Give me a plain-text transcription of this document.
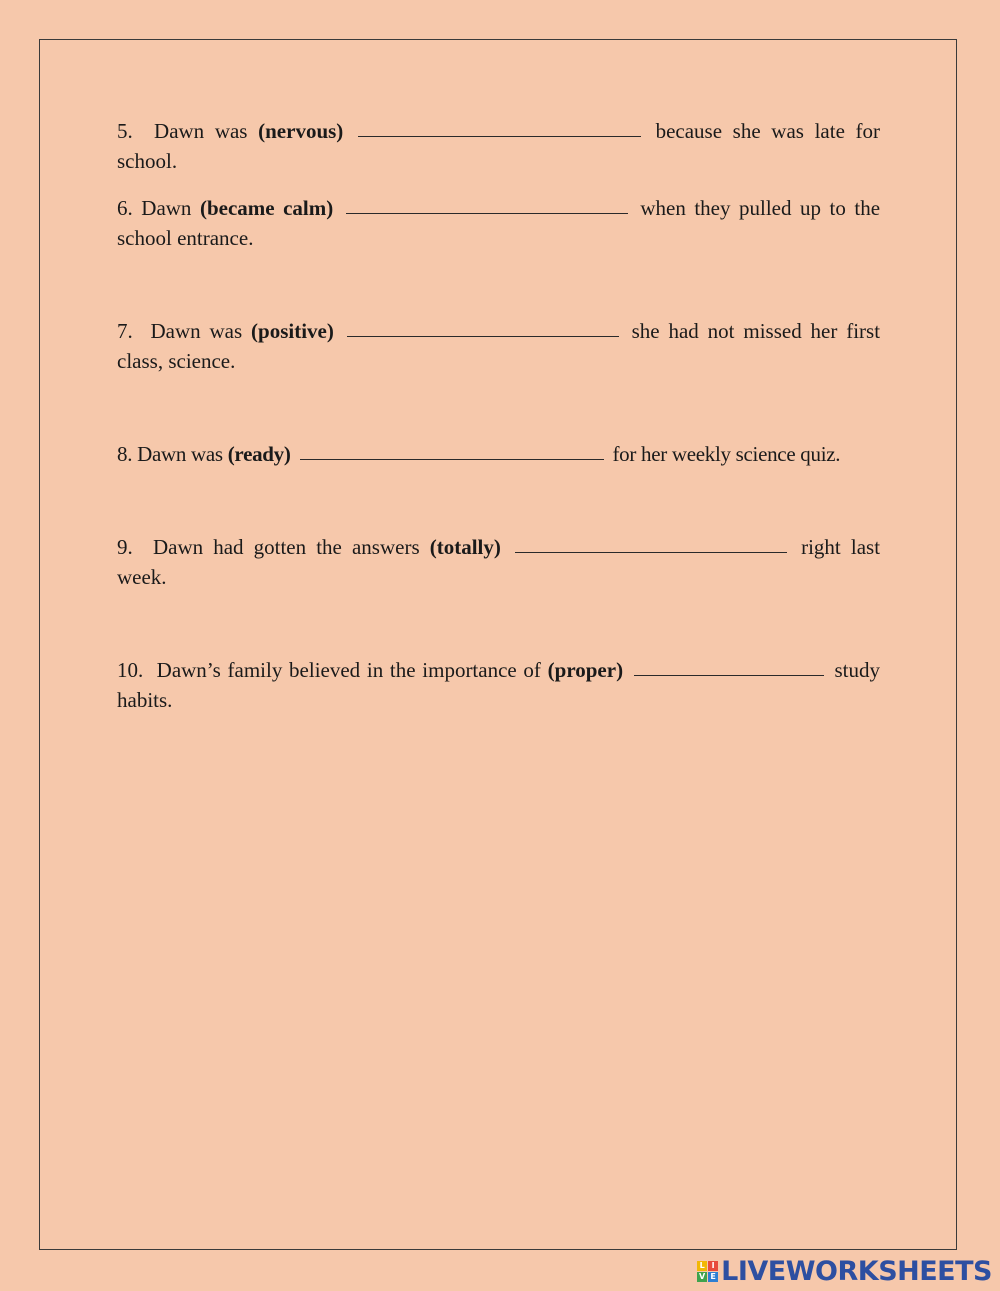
5. Dawn was (nervous)	because she was late for school.
6. Dawn (became calm)	when they pulled up to the school entrance.
7. Dawn was (positive)	she had not missed her first class, science.
8. Dawn was (ready)	for her weekly science quiz.
9. Dawn had gotten the answers (totally)	right last week.
10. Dawn’s family believed in the importance of (proper)	study habits.
L I
V E LIVEWORKSHEETS
